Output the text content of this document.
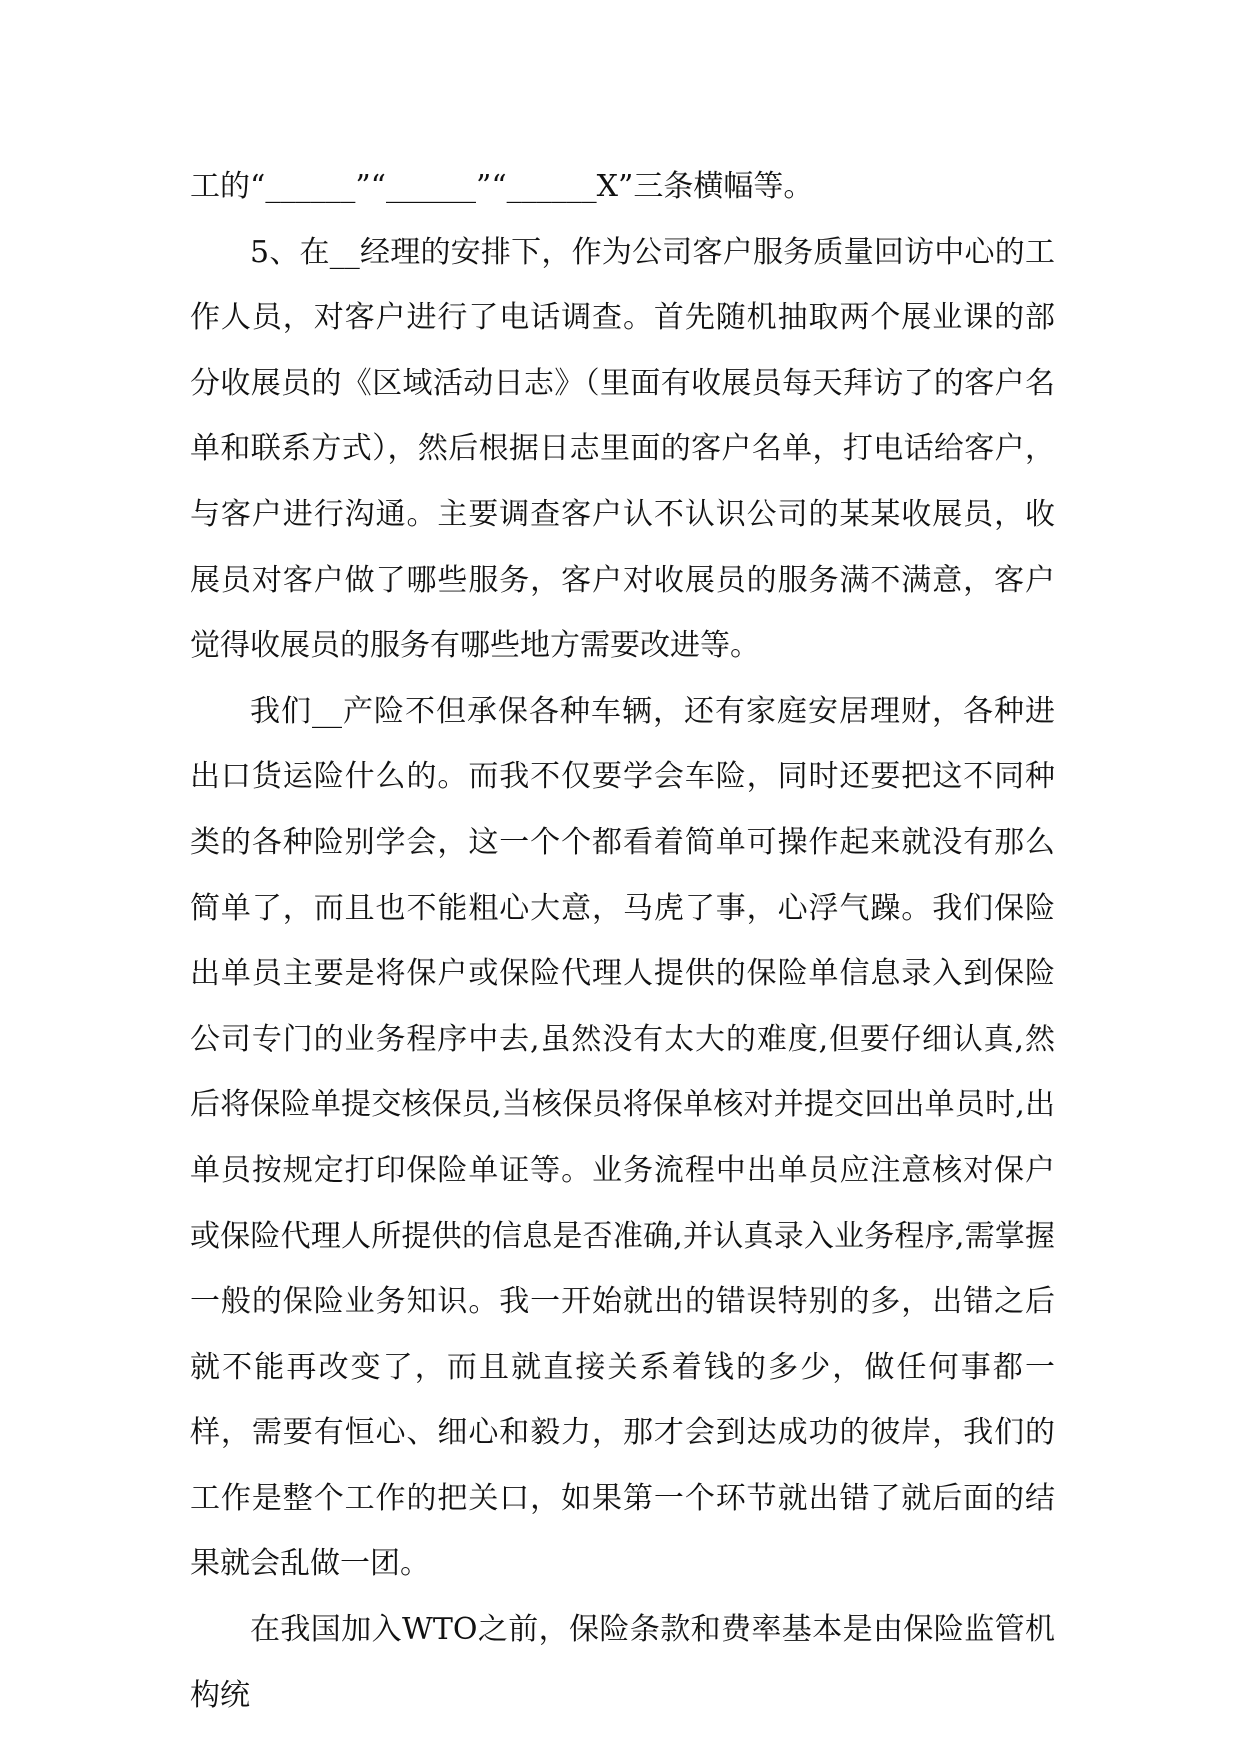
工的“______”“______”“______X”三条横幅等。

5、在__经理的安排下，作为公司客户服务质量回访中心的工作人员，对客户进行了电话调查。首先随机抽取两个展业课的部分收展员的《区域活动日志》（里面有收展员每天拜访了的客户名单和联系方式），然后根据日志里面的客户名单，打电话给客户，与客户进行沟通。主要调查客户认不认识公司的某某收展员，收展员对客户做了哪些服务，客户对收展员的服务满不满意，客户觉得收展员的服务有哪些地方需要改进等。

我们__产险不但承保各种车辆，还有家庭安居理财，各种进出口货运险什么的。而我不仅要学会车险，同时还要把这不同种类的各种险别学会，这一个个都看着简单可操作起来就没有那么简单了，而且也不能粗心大意，马虎了事，心浮气躁。我们保险出单员主要是将保户或保险代理人提供的保险单信息录入到保险公司专门的业务程序中去,虽然没有太大的难度,但要仔细认真,然后将保险单提交核保员,当核保员将保单核对并提交回出单员时,出单员按规定打印保险单证等。业务流程中出单员应注意核对保户或保险代理人所提供的信息是否准确,并认真录入业务程序,需掌握一般的保险业务知识。我一开始就出的错误特别的多，出错之后就不能再改变了，而且就直接关系着钱的多少，做任何事都一样，需要有恒心、细心和毅力，那才会到达成功的彼岸，我们的工作是整个工作的把关口，如果第一个环节就出错了就后面的结果就会乱做一团。

在我国加入WTO之前，保险条款和费率基本是由保险监管机构统
